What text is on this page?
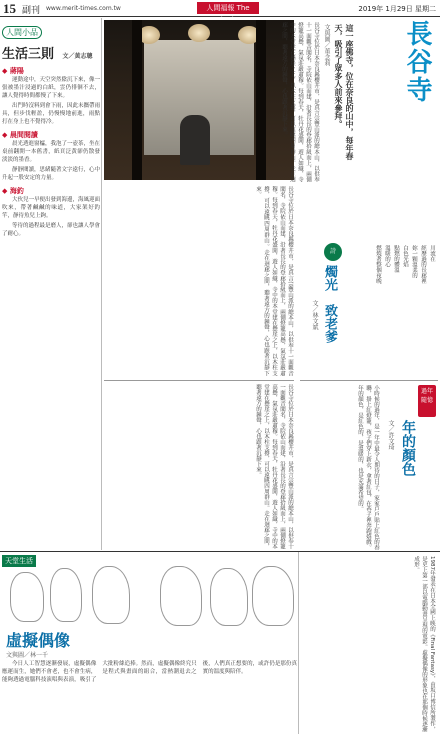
15 副刊 www.merit-times.com.tw	人間福報 The	2019年 1月29日 星期二
人間小品
生活三則 文／黃志聰
◆ 蔣陽

運動途中，天空突然陰沉下來，像一張被墨汁浸過的白紙，雲仍徘徊不去，讓人覺得時間都慢了下來。

出門時沒料到會下雨，因此未攜帶雨具，但步伐輕盈，仍慢慢地前進，雨點打在身上也不覺得冷。

◆ 晨間閱讀

晨光透進窗櫺，我泡了一壺茶，坐在桌前翻開一本舊書，紙頁泛黃卻仍散發淡淡的墨香。

靜靜閱讀，思緒隨著文字遠行，心中升起一股安定的力量。

◆ 海釣

大伙兒一早便出發到海邊，海風迎面吹來，帶著鹹鹹的味道，大家架好釣竿，靜待魚兒上鉤。

等待的過程最是磨人，卻也讓人學會了耐心。

長谷寺
這一座佛寺，位在奈良的山中，每年春天，吸引了眾多人前來參拜。
文與圖／董念莉
長谷寺位於日本奈良縣櫻井市，是真言宗豐山派的總本山，以供奉十一面觀音聞名，寺院依山而建，沿著長長的登廊拾級而上，兩側燈籠高懸，氣氛莊嚴肅穆。每到春天，牡丹花盛開，遊人如織，寺中的本堂建在懸崖之上，以木柱支撐，可以遠眺四周群山。走在迴廊之間，聽著遠方的鐘聲，心也跟著沉靜下來。
長谷寺位於日本奈良縣櫻井市，是真言宗豐山派的總本山，以供奉十一面觀音聞名，寺院依山而建，沿著長長的登廊拾級而上，兩側燈籠高懸，氣氛莊嚴肅穆。每到春天，牡丹花盛開，遊人如織，寺中的本堂建在懸崖之上，以木柱支撐，可以遠眺四周群山。走在迴廊之間，聽著遠方的鐘聲，心也跟著沉靜下來。
詩
燭光　致老爹
文／林文斌
川流在
經歷過的長廊裡
妳一顆溫柔的
白色光焰
點燃的體溫
溫暖的心
燃燒著整個夜晚
長谷寺位於日本奈良縣櫻井市，是真言宗豐山派的總本山，以供奉十一面觀音聞名，寺院依山而建，沿著長長的登廊拾級而上，兩側燈籠高懸，氣氛莊嚴肅穆。每到春天，牡丹花盛開，遊人如織，寺中的本堂建在懸崖之上，以木柱支撐，可以遠眺四周群山。走在迴廊之間，聽著遠方的鐘聲，心也跟著沉靜下來。	過年 隨憶
年的顏色
文／許文琦
小時候的過年，是一年中最令人期待的日子，家家戶戶貼上紅色的春聯，掛上紅燈籠，孩子們穿上新衣，拿著紅包，在巷子裡奔跑嬉戲。年的顏色，是紅色的，是溫暖的，也是充滿希望的。
天堂生活
虛擬偶像
文與圖／林一千

今日人工智慧逐漸發展，虛擬偶像應運而生，她們不會老，也不會生病，能夠透過電腦科技演唱與表演，吸引了大批粉絲追捧。然而，虛擬偶像終究只是程式與畫面的組合，當熱潮退去之後，人們真正想要的，或許仍是那份真實的溫度與陪伴。	1987年發表在日本全國上映的《Final Fantasy》，由坂口博信所製作，是史上第一部以電腦動畫呈現的電影。虛擬偶像的形象也在那個時候逐漸成形。
